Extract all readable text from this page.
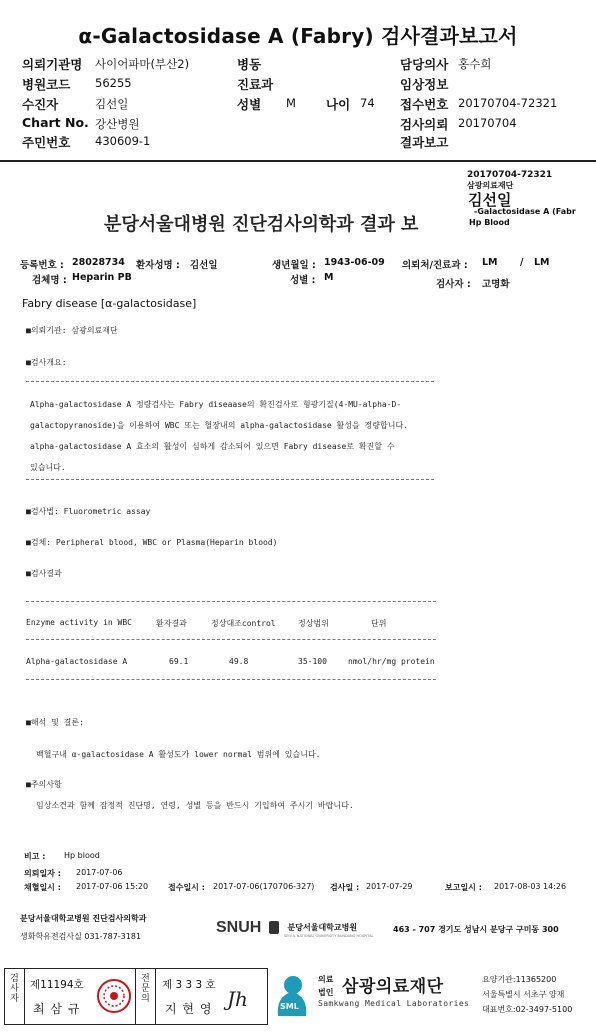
α-Galactosidase A (Fabry) 검사결과보고서
의뢰기관명 사이어파마(부산2)	병동	담당의사 홍수희
병원코드 56255	진료과	임상정보
수진자	김선일	성별 M 나이 74 접수번호 20170704-72321
Chart No. 강산병원	검사의뢰 20170704
주민번호 430609-1	결과보고
20170704-72321
삼광의료재단
김선일
-Galactosidase A (Fabr
Hp Blood
분당서울대병원 진단검사의학과 결과 보
등록번호 : 28028734 환자성명 : 김선일	생년월일 : 1943-06-09 의뢰처/진료과 : LM / LM
검체명 : Heparin PB	성별 : M
검사자 : 고명화
Fabry disease [α-galactosidase]
■의뢰기관: 삼광의료재단
■검사개요:
Alpha-galactosidase A 정량검사는 Fabry diseaase의 확진검사로 형광기질(4-MU-alpha-D-
galactopyranoside)을 이용하여 WBC 또는 혈장내의 alpha-galactosidase 활성을 정량합니다.
alpha-galactosidase A 효소의 활성이 심하게 감소되어 있으면 Fabry disease로 확진할 수
있습니다.
■검사법: Fluorometric assay
■검체: Peripheral blood, WBC or Plasma(Heparin blood)
■검사결과
Enzyme activity in WBC	환자결과	정상대조control	정상범위	단위
Alpha-galactosidase A	69.1	49.8	35-100	nmol/hr/mg protein
■해석 및 결론:
백혈구내 α-galactosidase A 활성도가 lower normal 범위에 있습니다.
■주의사항
임상소견과 함께 잠정적 진단명, 연령, 성별 등을 반드시 기입하여 주시기 바랍니다.
비고 : Hp blood
의뢰일자 : 2017-07-06
채혈일시 : 2017-07-06 15:20 접수일시 : 2017-07-06(170706-327) 검사일 : 2017-07-29	보고일시 : 2017-08-03 14:26
분당서울대학교병원 진단검사의학과
생화학유전검사실 031-787-3181
SNUH	분당서울대학교병원
SEOUL NATIONAL UNIVERSITY BUNDANG HOSPITAL
463 - 707 경기도 성남시 분당구 구미동 300
검사자 제11194호
최 삼 규
전문의 제 3 3 3 호
지 현 영 Jh	SML
의료
법인 삼광의료재단
Samkwang Medical Laboratories
요양기관:11365200
서울특별시 서초구 양재
대표번호:02-3497-5100
